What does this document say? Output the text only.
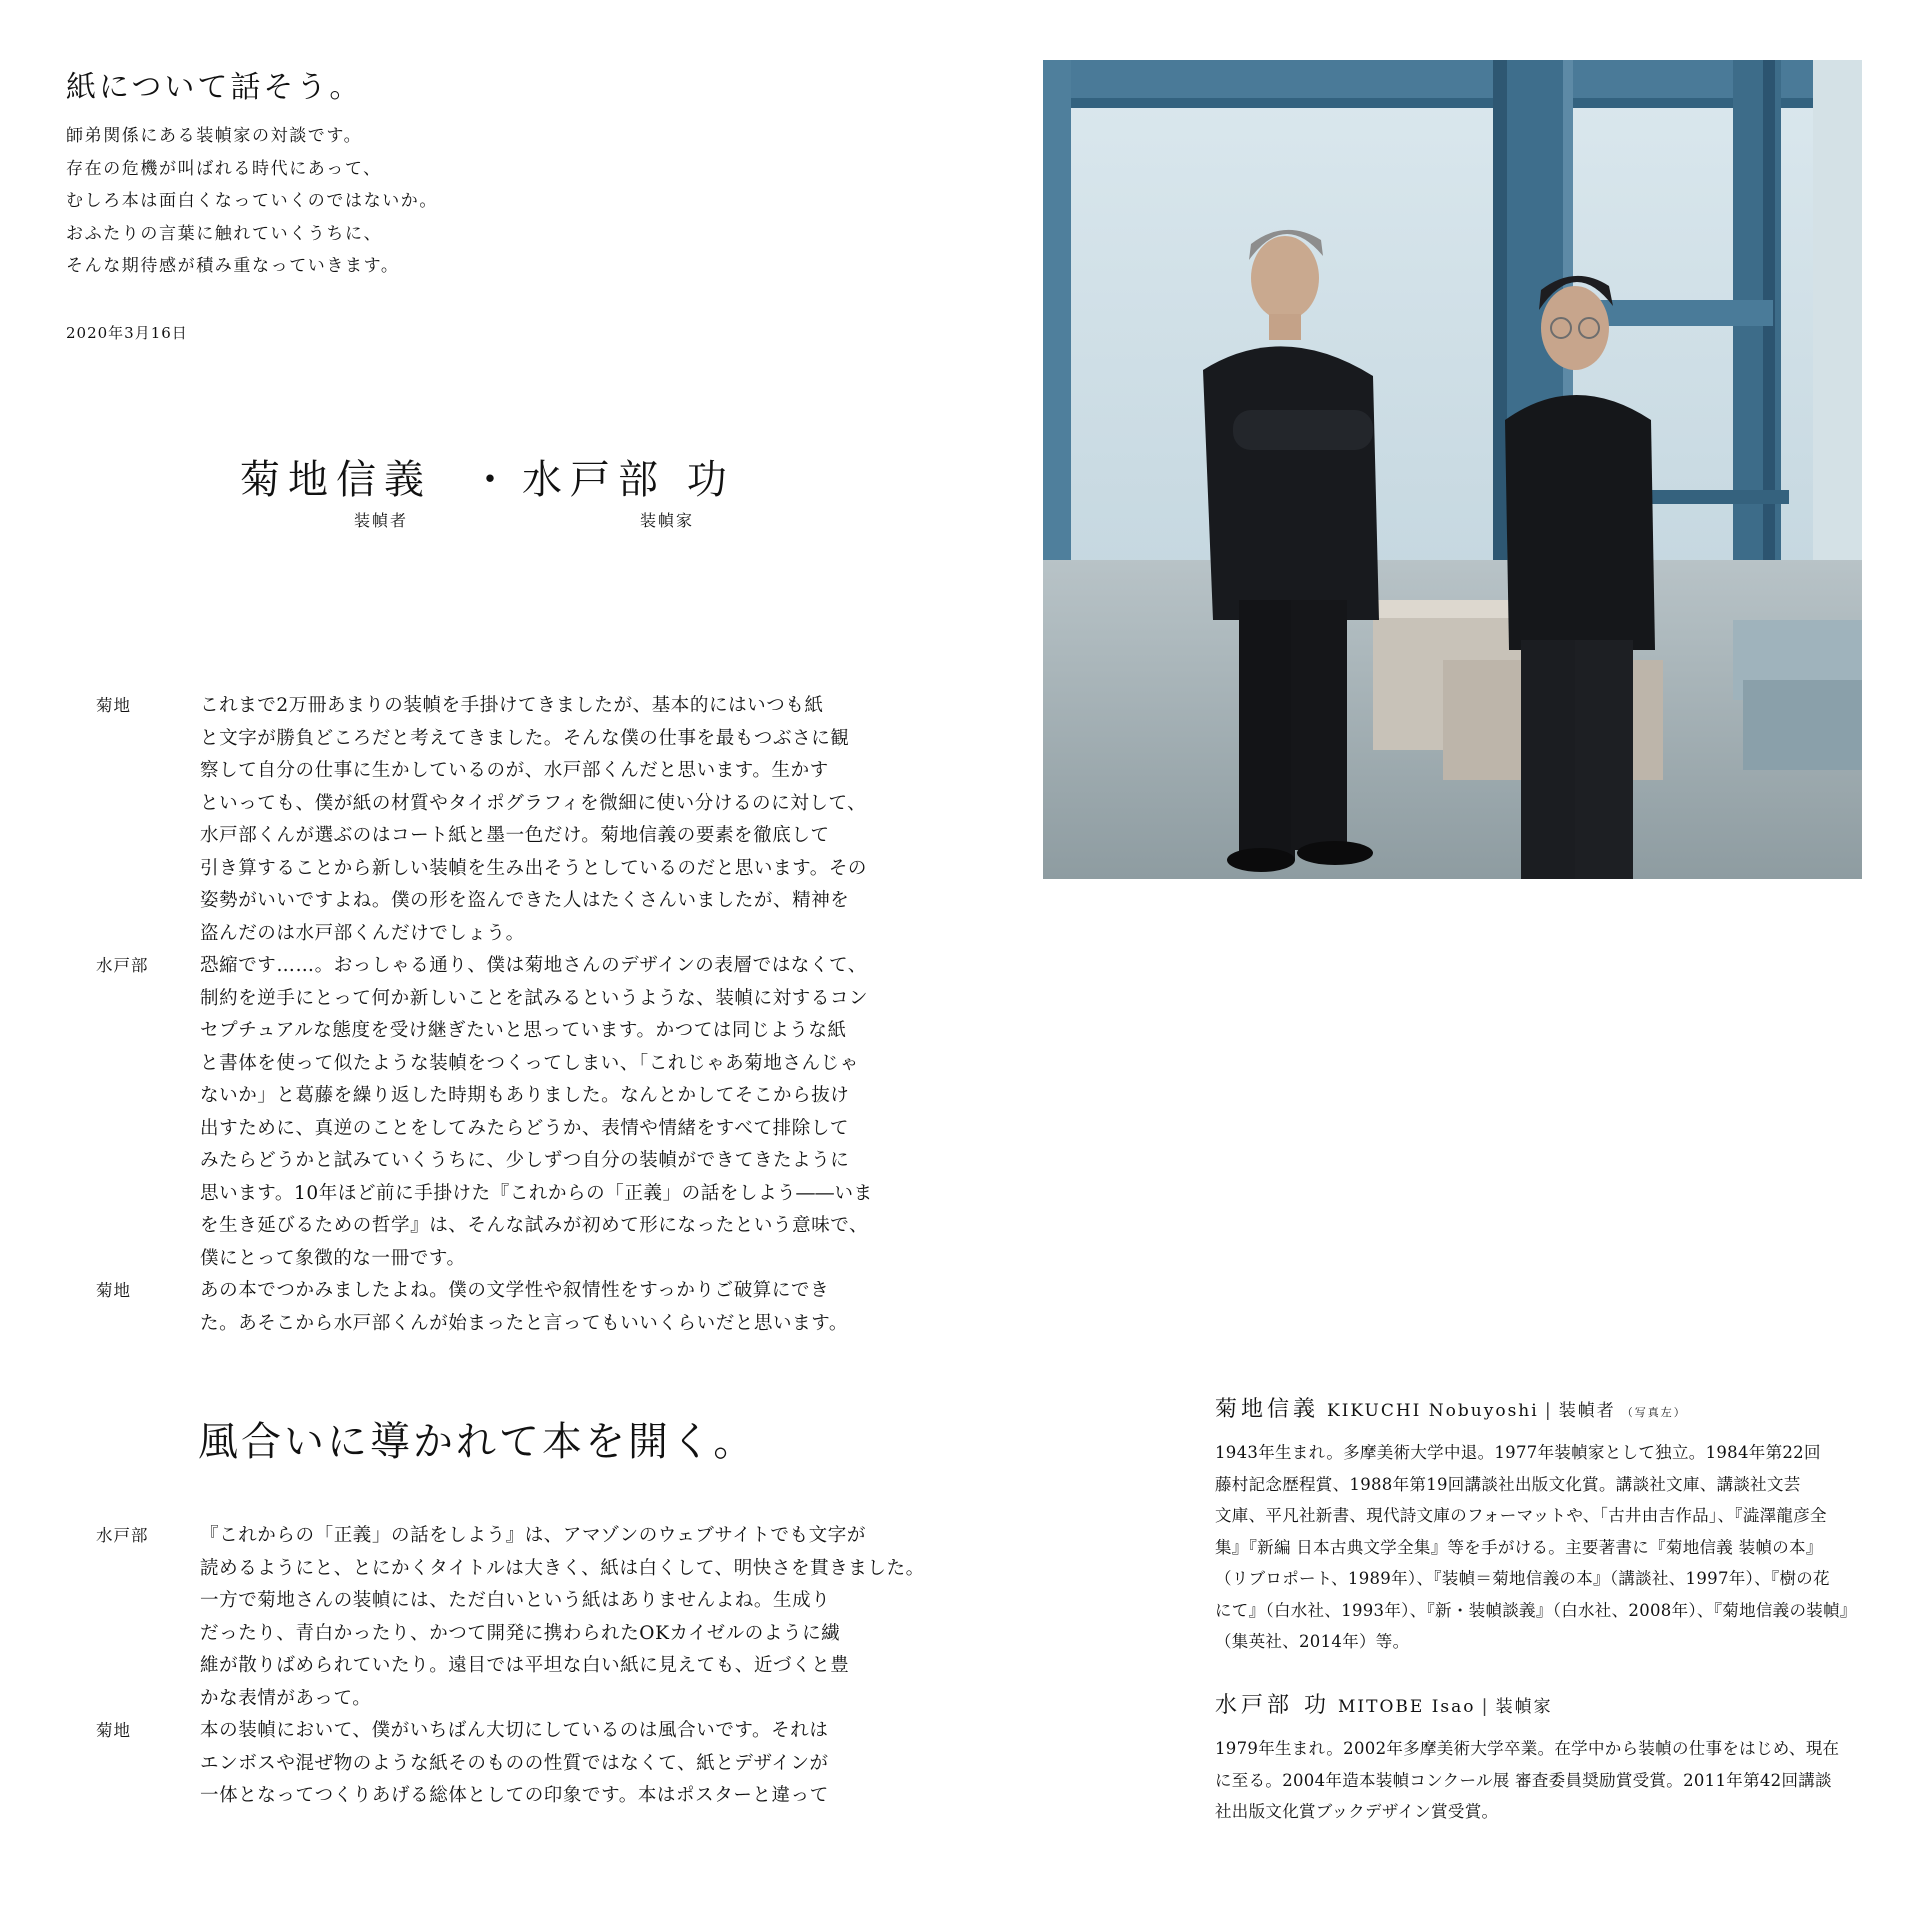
紙について話そう。
師弟関係にある装幀家の対談です。
存在の危機が叫ばれる時代にあって、
むしろ本は面白くなっていくのではないか。
おふたりの言葉に触れていくうちに、
そんな期待感が積み重なっていきます。
2020年3月16日
菊地信義
装幀者
・ 水戸部 功
装幀家
菊地	これまで2万冊あまりの装幀を手掛けてきましたが、基本的にはいつも紙
と文字が勝負どころだと考えてきました。そんな僕の仕事を最もつぶさに観
察して自分の仕事に生かしているのが、水戸部くんだと思います。生かす
といっても、僕が紙の材質やタイポグラフィを微細に使い分けるのに対して、
水戸部くんが選ぶのはコート紙と墨一色だけ。菊地信義の要素を徹底して
引き算することから新しい装幀を生み出そうとしているのだと思います。その
姿勢がいいですよね。僕の形を盗んできた人はたくさんいましたが、精神を
盗んだのは水戸部くんだけでしょう。
水戸部	恐縮です……。おっしゃる通り、僕は菊地さんのデザインの表層ではなくて、
制約を逆手にとって何か新しいことを試みるというような、装幀に対するコン
セプチュアルな態度を受け継ぎたいと思っています。かつては同じような紙
と書体を使って似たような装幀をつくってしまい、「これじゃあ菊地さんじゃ
ないか」と葛藤を繰り返した時期もありました。なんとかしてそこから抜け
出すために、真逆のことをしてみたらどうか、表情や情緒をすべて排除して
みたらどうかと試みていくうちに、少しずつ自分の装幀ができてきたように
思います。10年ほど前に手掛けた『これからの「正義」の話をしよう――いま
を生き延びるための哲学』は、そんな試みが初めて形になったという意味で、
僕にとって象徴的な一冊です。
菊地	あの本でつかみましたよね。僕の文学性や叙情性をすっかりご破算にでき
た。あそこから水戸部くんが始まったと言ってもいいくらいだと思います。
風合いに導かれて本を開く。
水戸部	『これからの「正義」の話をしよう』は、アマゾンのウェブサイトでも文字が
読めるようにと、とにかくタイトルは大きく、紙は白くして、明快さを貫きました。
一方で菊地さんの装幀には、ただ白いという紙はありませんよね。生成り
だったり、青白かったり、かつて開発に携わられたOKカイゼルのように繊
維が散りばめられていたり。遠目では平坦な白い紙に見えても、近づくと豊
かな表情があって。
菊地	本の装幀において、僕がいちばん大切にしているのは風合いです。それは
エンボスや混ぜ物のような紙そのものの性質ではなくて、紙とデザインが
一体となってつくりあげる総体としての印象です。本はポスターと違って
菊地信義 KIKUCHI Nobuyoshi | 装幀者 （写真左）
1943年生まれ。多摩美術大学中退。1977年装幀家として独立。1984年第22回
藤村記念歴程賞、1988年第19回講談社出版文化賞。講談社文庫、講談社文芸
文庫、平凡社新書、現代詩文庫のフォーマットや、「古井由吉作品」、『澁澤龍彦全
集』『新編 日本古典文学全集』等を手がける。主要著書に『菊地信義 装幀の本』
（リブロポート、1989年）、『装幀＝菊地信義の本』（講談社、1997年）、『樹の花
にて』（白水社、1993年）、『新・装幀談義』（白水社、2008年）、『菊地信義の装幀』
（集英社、2014年）等。
水戸部 功 MITOBE Isao | 装幀家
1979年生まれ。2002年多摩美術大学卒業。在学中から装幀の仕事をはじめ、現在
に至る。2004年造本装幀コンクール展 審査委員奨励賞受賞。2011年第42回講談
社出版文化賞ブックデザイン賞受賞。
